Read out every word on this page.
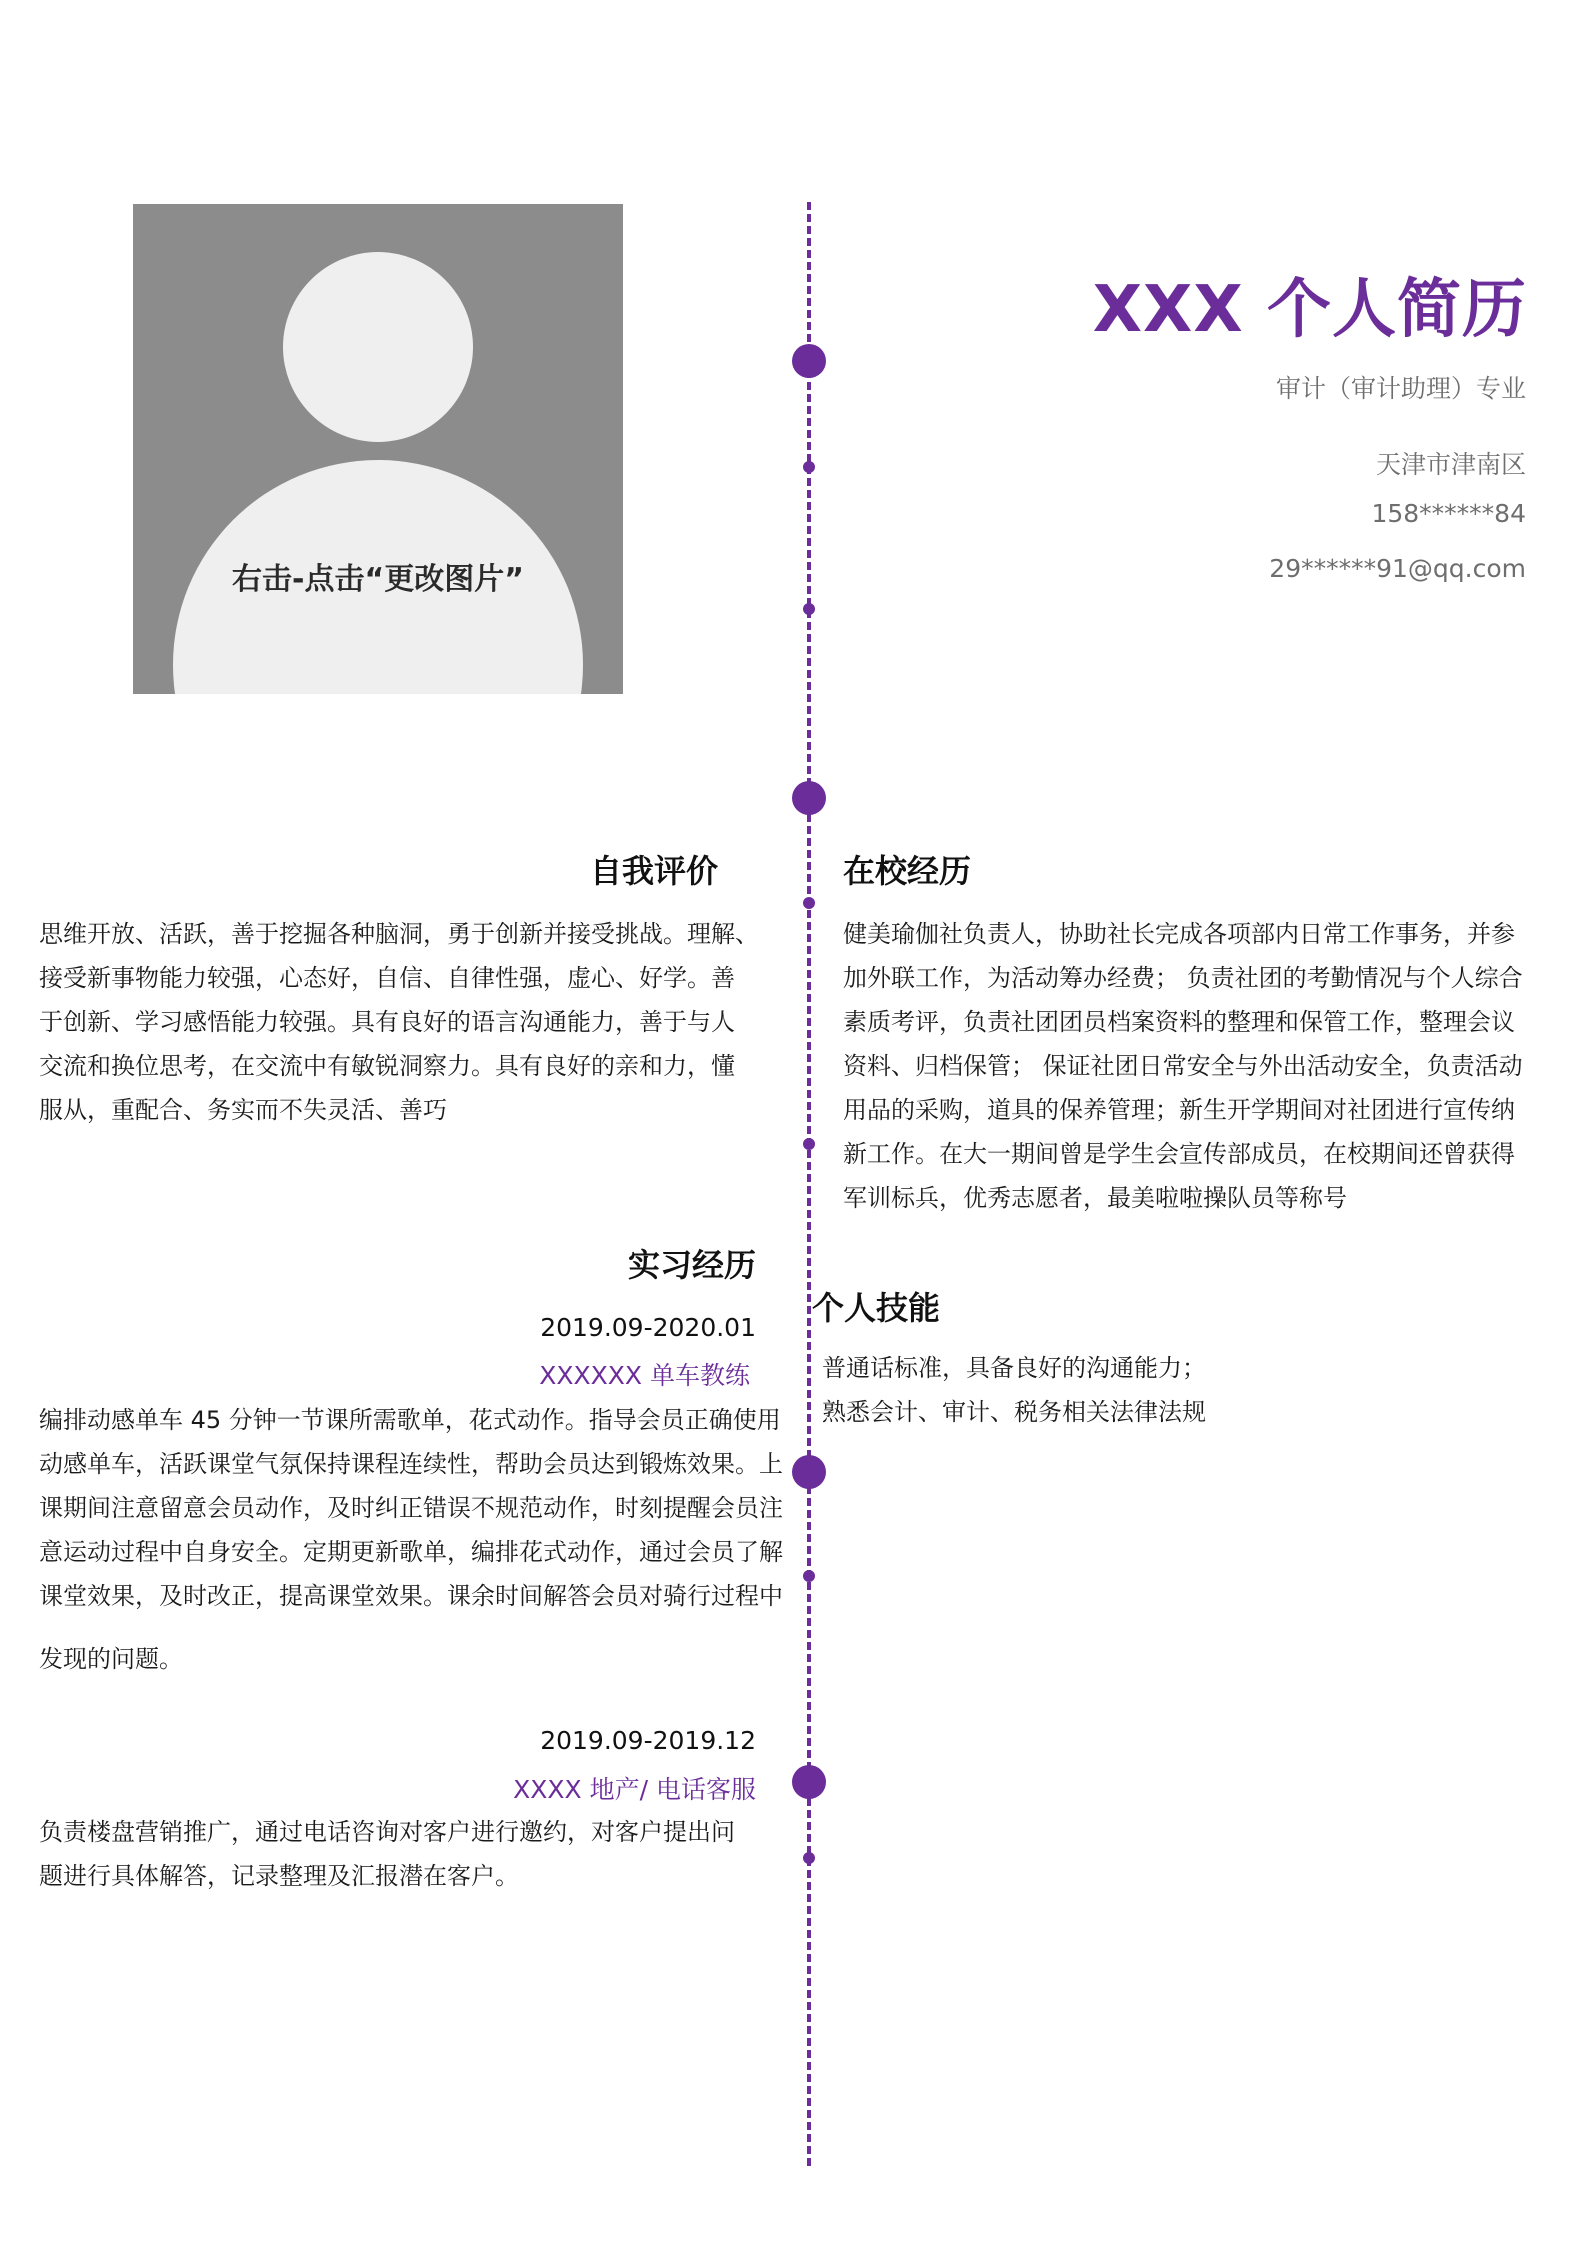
右击-点击“更改图片”
XXX 个人简历
审计（审计助理）专业
天津市津南区
158******84
29******91@qq.com
自我评价
思维开放、活跃，善于挖掘各种脑洞，勇于创新并接受挑战。理解、
接受新事物能力较强，心态好，自信、自律性强，虚心、好学。善
于创新、学习感悟能力较强。具有良好的语言沟通能力，善于与人
交流和换位思考，在交流中有敏锐洞察力。具有良好的亲和力，懂
服从，重配合、务实而不失灵活、善巧
在校经历
健美瑜伽社负责人，协助社长完成各项部内日常工作事务，并参
加外联工作，为活动筹办经费； 负责社团的考勤情况与个人综合
素质考评，负责社团团员档案资料的整理和保管工作，整理会议
资料、归档保管； 保证社团日常安全与外出活动安全，负责活动
用品的采购，道具的保养管理；新生开学期间对社团进行宣传纳
新工作。在大一期间曾是学生会宣传部成员，在校期间还曾获得
军训标兵，优秀志愿者，最美啦啦操队员等称号
实习经历
2019.09-2020.01
XXXXXX 单车教练
编排动感单车 45 分钟一节课所需歌单，花式动作。指导会员正确使用
动感单车，活跃课堂气氛保持课程连续性，帮助会员达到锻炼效果。上
课期间注意留意会员动作，及时纠正错误不规范动作，时刻提醒会员注
意运动过程中自身安全。定期更新歌单，编排花式动作，通过会员了解
课堂效果，及时改正，提高课堂效果。课余时间解答会员对骑行过程中
发现的问题。
2019.09-2019.12
XXXX 地产/ 电话客服
负责楼盘营销推广，通过电话咨询对客户进行邀约，对客户提出问
题进行具体解答，记录整理及汇报潜在客户。
个人技能
普通话标准，具备良好的沟通能力；
熟悉会计、审计、税务相关法律法规
